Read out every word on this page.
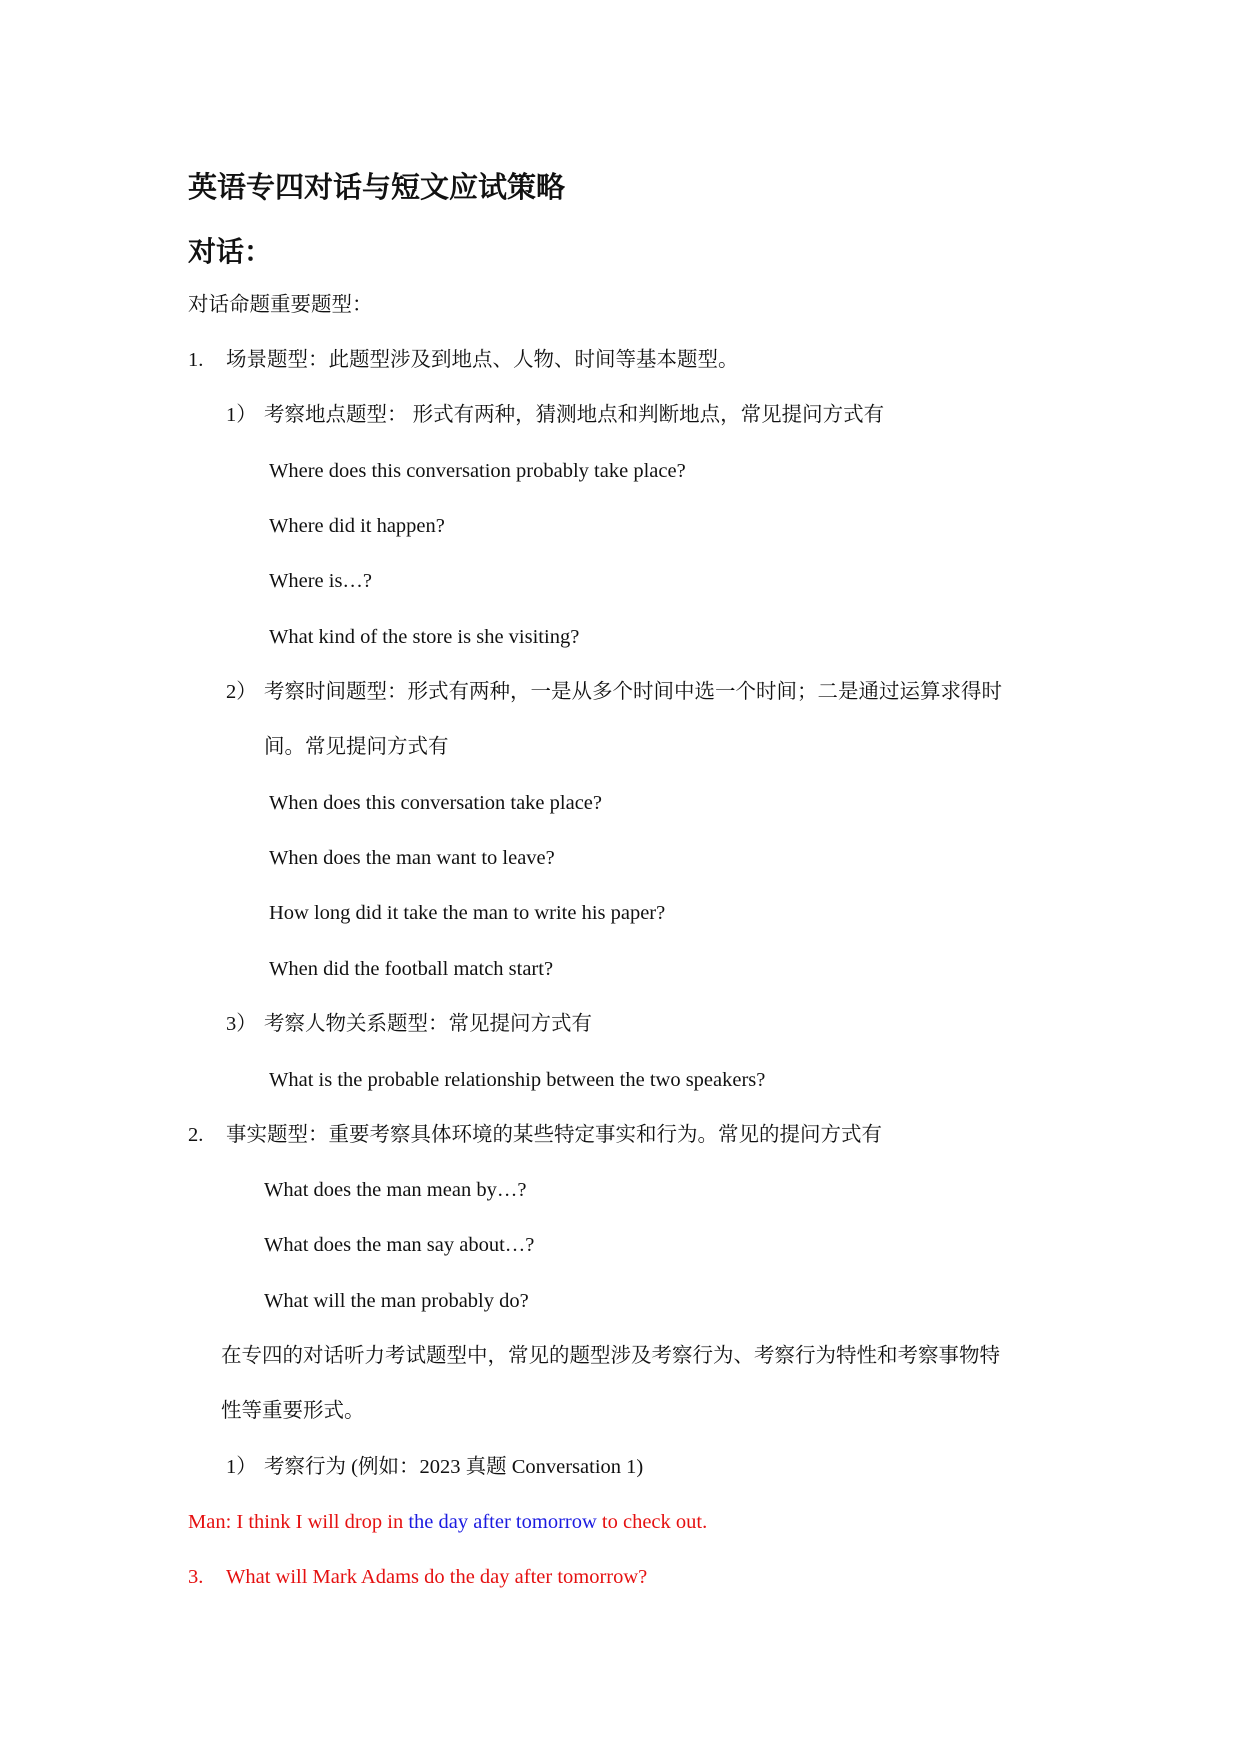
英语专四对话与短文应试策略
对话：
对话命题重要题型：
1. 场景题型：此题型涉及到地点、人物、时间等基本题型。
1） 考察地点题型： 形式有两种，猜测地点和判断地点，常见提问方式有
Where does this conversation probably take place?
Where did it happen?
Where is…?
What kind of the store is she visiting?
2） 考察时间题型：形式有两种，一是从多个时间中选一个时间；二是通过运算求得时
间。常见提问方式有
When does this conversation take place?
When does the man want to leave?
How long did it take the man to write his paper?
When did the football match start?
3） 考察人物关系题型：常见提问方式有
What is the probable relationship between the two speakers?
2. 事实题型：重要考察具体环境的某些特定事实和行为。常见的提问方式有
What does the man mean by…?
What does the man say about…?
What will the man probably do?
在专四的对话听力考试题型中，常见的题型涉及考察行为、考察行为特性和考察事物特
性等重要形式。
1） 考察行为 (例如：2023 真题 Conversation 1)
Man: I think I will drop in the day after tomorrow to check out.
3. What will Mark Adams do the day after tomorrow?
